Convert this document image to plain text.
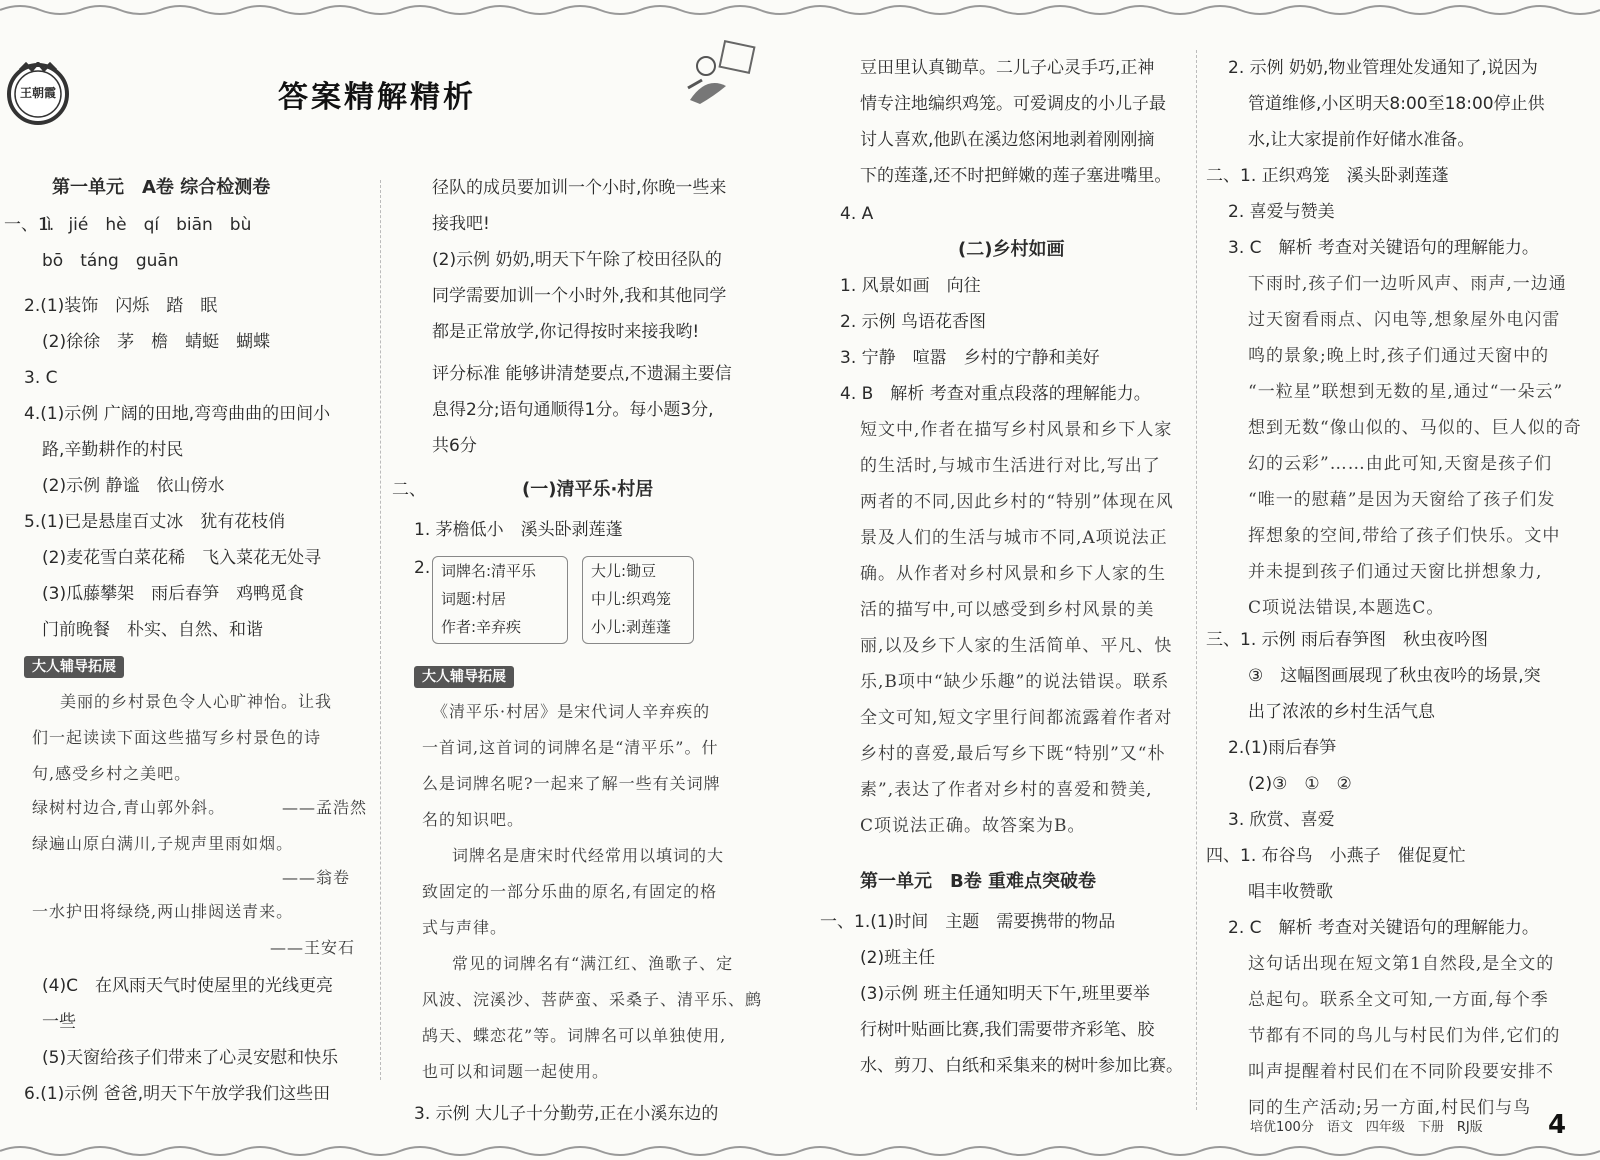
王朝霞	答案精解精析
第一单元　A卷 综合检测卷
一、1.
lì　jié　hè　qí　biān　bù
bō　táng　guān
2.(1)装饰　闪烁　踏　眠
(2)徐徐　茅　檐　蜻蜓　蝴蝶
3. C
4.(1)示例 广阔的田地,弯弯曲曲的田间小
路,辛勤耕作的村民
(2)示例 静谧　依山傍水
5.(1)已是悬崖百丈冰　犹有花枝俏
(2)麦花雪白菜花稀　飞入菜花无处寻
(3)瓜藤攀架　雨后春笋　鸡鸭觅食
门前晚餐　朴实、自然、和谐
大人辅导拓展
美丽的乡村景色令人心旷神怡。让我
们一起读读下面这些描写乡村景色的诗
句,感受乡村之美吧。
绿树村边合,青山郭外斜。	——孟浩然
绿遍山原白满川,子规声里雨如烟。
——翁卷
一水护田将绿绕,两山排闼送青来。
——王安石
(4)C　在风雨天气时使屋里的光线更亮
一些
(5)天窗给孩子们带来了心灵安慰和快乐
6.(1)示例 爸爸,明天下午放学我们这些田
径队的成员要加训一个小时,你晚一些来
接我吧!
(2)示例 奶奶,明天下午除了校田径队的
同学需要加训一个小时外,我和其他同学
都是正常放学,你记得按时来接我哟!
评分标准 能够讲清楚要点,不遗漏主要信
息得2分;语句通顺得1分。每小题3分,
共6分
二、	(一)清平乐·村居
1. 茅檐低小　溪头卧剥莲蓬
2. 词牌名:清平乐
词题:村居
作者:辛弃疾
大儿:锄豆
中儿:织鸡笼
小儿:剥莲蓬
大人辅导拓展
《清平乐·村居》是宋代词人辛弃疾的
一首词,这首词的词牌名是“清平乐”。什
么是词牌名呢?一起来了解一些有关词牌
名的知识吧。
词牌名是唐宋时代经常用以填词的大
致固定的一部分乐曲的原名,有固定的格
式与声律。
常见的词牌名有“满江红、渔歌子、定
风波、浣溪沙、菩萨蛮、采桑子、清平乐、鹧
鸪天、蝶恋花”等。词牌名可以单独使用,
也可以和词题一起使用。
3. 示例 大儿子十分勤劳,正在小溪东边的
豆田里认真锄草。二儿子心灵手巧,正神
情专注地编织鸡笼。可爱调皮的小儿子最
讨人喜欢,他趴在溪边悠闲地剥着刚刚摘
下的莲蓬,还不时把鲜嫩的莲子塞进嘴里。
4. A
(二)乡村如画
1. 风景如画　向往
2. 示例 鸟语花香图
3. 宁静　喧嚣　乡村的宁静和美好
4. B　解析 考查对重点段落的理解能力。
短文中,作者在描写乡村风景和乡下人家
的生活时,与城市生活进行对比,写出了
两者的不同,因此乡村的“特别”体现在风
景及人们的生活与城市不同,A项说法正
确。从作者对乡村风景和乡下人家的生
活的描写中,可以感受到乡村风景的美
丽,以及乡下人家的生活简单、平凡、快
乐,B项中“缺少乐趣”的说法错误。联系
全文可知,短文字里行间都流露着作者对
乡村的喜爱,最后写乡下既“特别”又“朴
素”,表达了作者对乡村的喜爱和赞美,
C项说法正确。故答案为B。
第一单元　B卷 重难点突破卷
一、1.(1)时间　主题　需要携带的物品
(2)班主任
(3)示例 班主任通知明天下午,班里要举
行树叶贴画比赛,我们需要带齐彩笔、胶
水、剪刀、白纸和采集来的树叶参加比赛。
2. 示例 奶奶,物业管理处发通知了,说因为
管道维修,小区明天8:00至18:00停止供
水,让大家提前作好储水准备。
二、1. 正织鸡笼　溪头卧剥莲蓬
2. 喜爱与赞美
3. C　解析 考查对关键语句的理解能力。
下雨时,孩子们一边听风声、雨声,一边通
过天窗看雨点、闪电等,想象屋外电闪雷
鸣的景象;晚上时,孩子们通过天窗中的
“一粒星”联想到无数的星,通过“一朵云”
想到无数“像山似的、马似的、巨人似的奇
幻的云彩”……由此可知,天窗是孩子们
“唯一的慰藉”是因为天窗给了孩子们发
挥想象的空间,带给了孩子们快乐。文中
并未提到孩子们通过天窗比拼想象力,
C项说法错误,本题选C。
三、1. 示例 雨后春笋图　秋虫夜吟图
③　这幅图画展现了秋虫夜吟的场景,突
出了浓浓的乡村生活气息
2.(1)雨后春笋
(2)③　①　②
3. 欣赏、喜爱
四、1. 布谷鸟　小燕子　催促夏忙
唱丰收赞歌
2. C　解析 考查对关键语句的理解能力。
这句话出现在短文第1自然段,是全文的
总起句。联系全文可知,一方面,每个季
节都有不同的鸟儿与村民们为伴,它们的
叫声提醒着村民们在不同阶段要安排不
同的生产活动;另一方面,村民们与鸟
培优100分　语文　四年级　下册　RJ版	4
